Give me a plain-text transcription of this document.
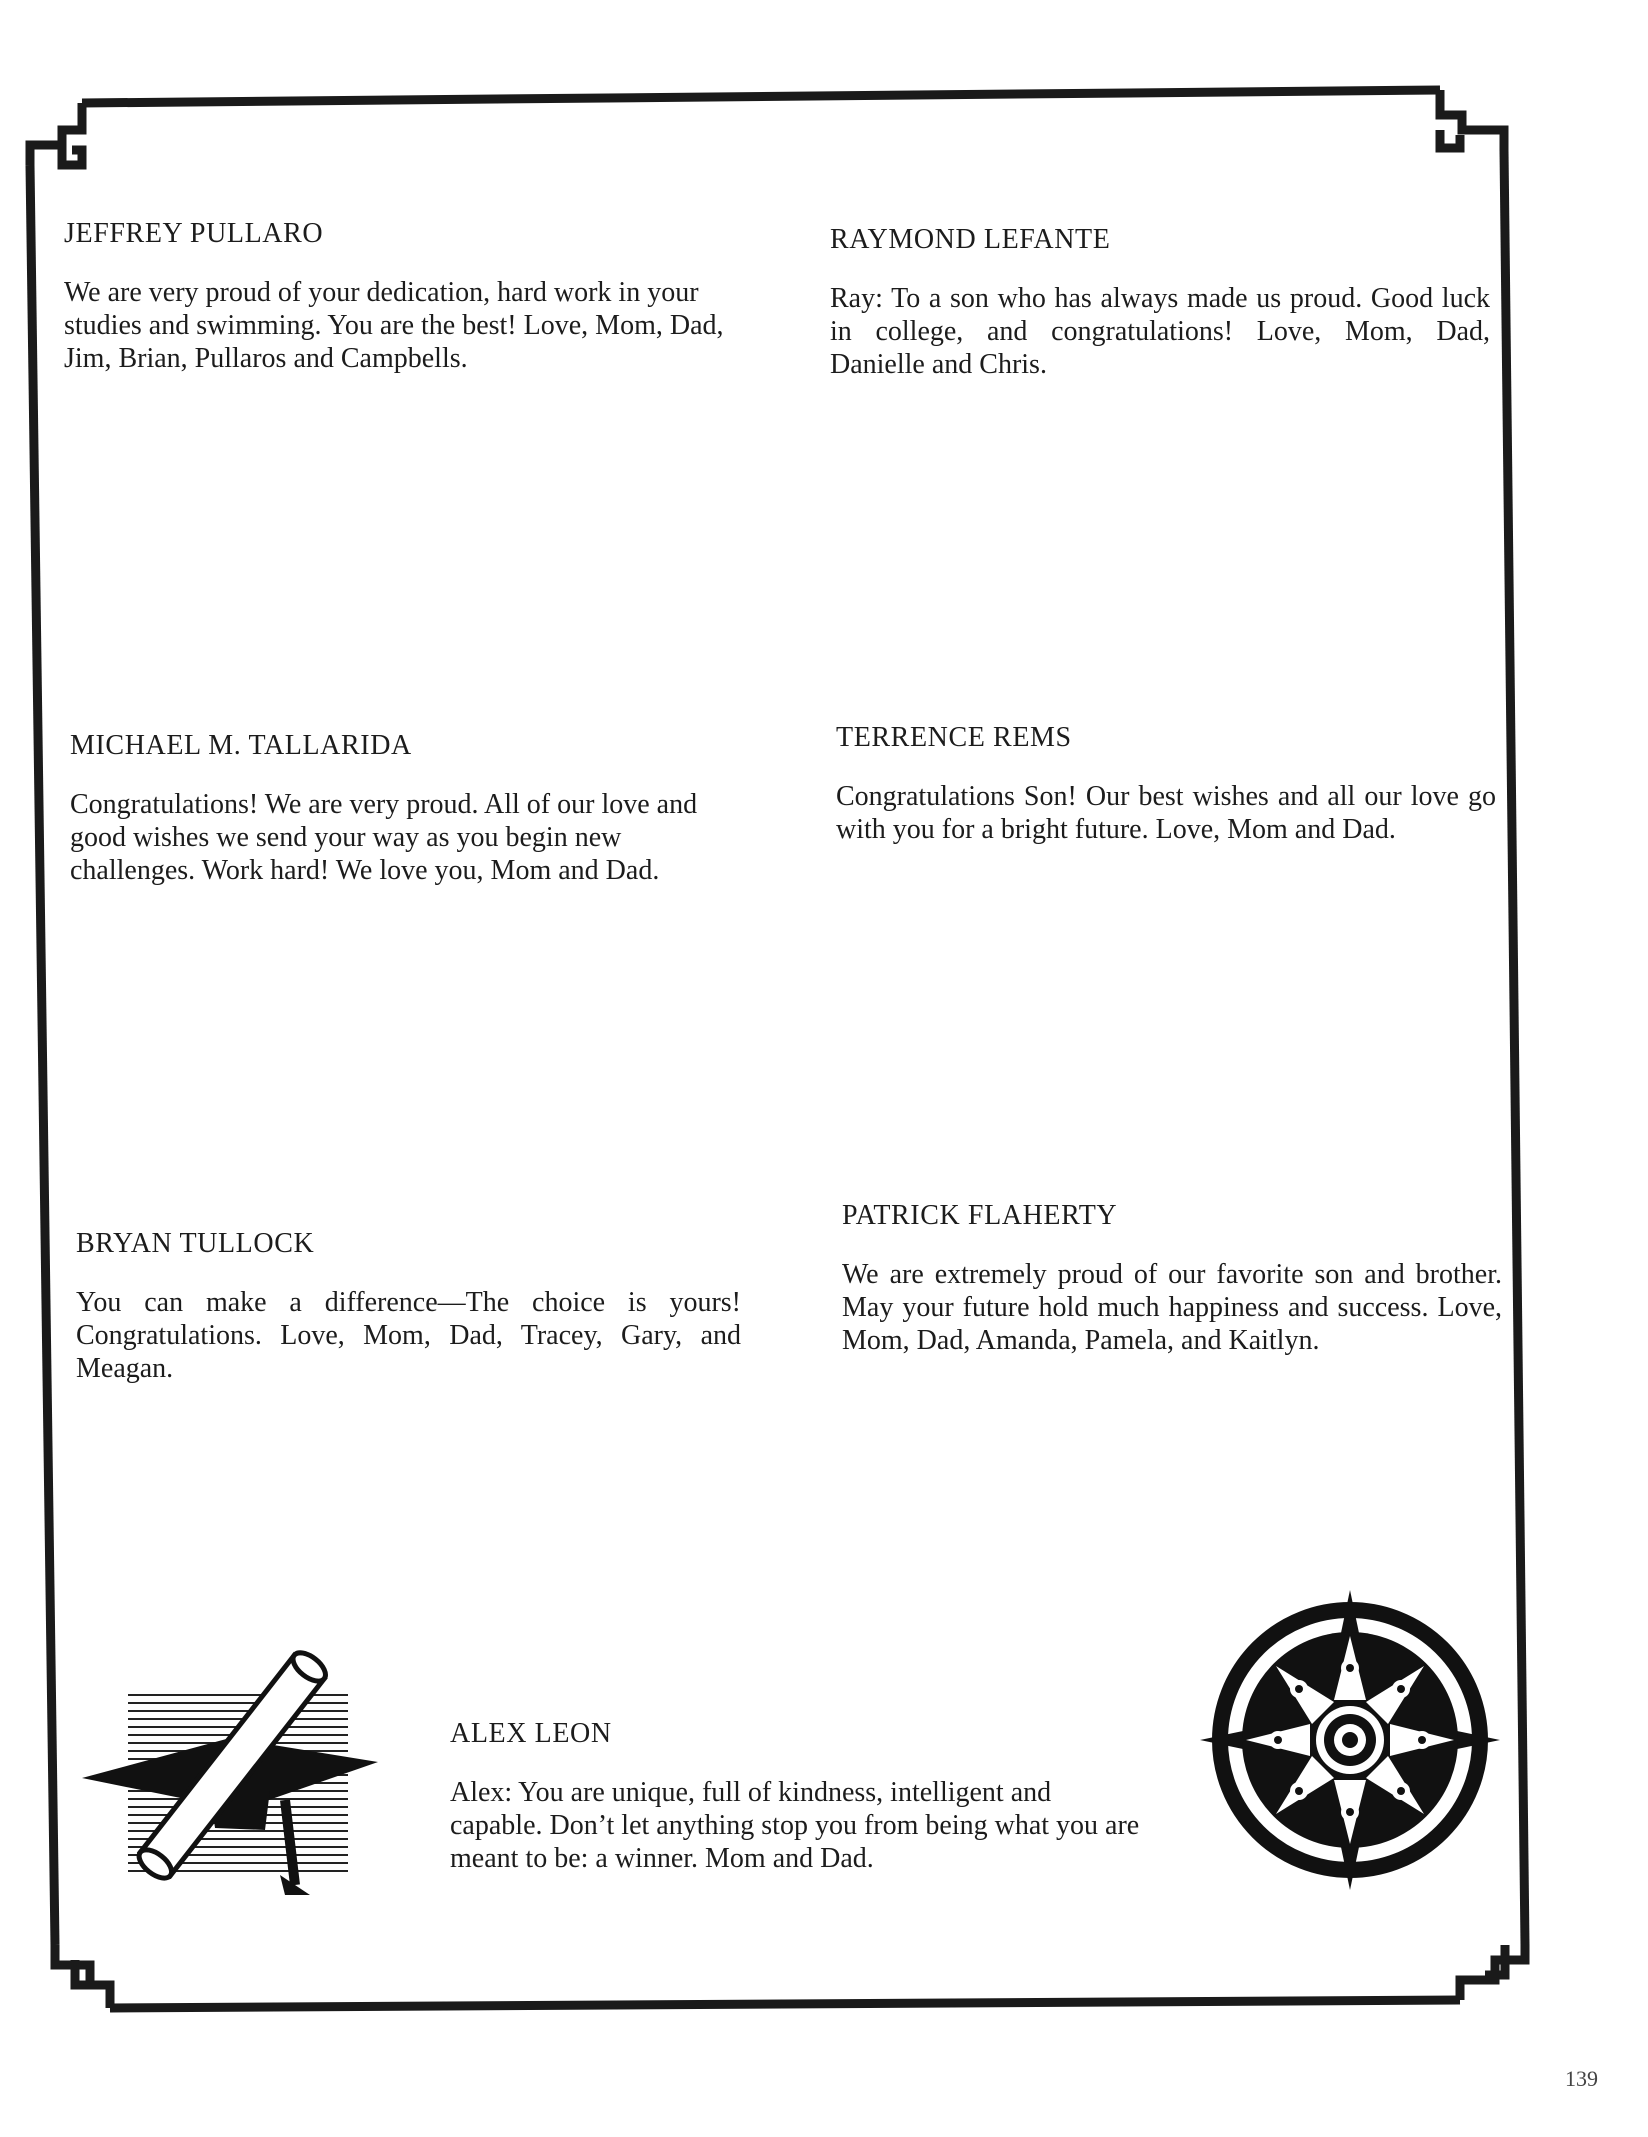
JEFFREY PULLARO

We are very proud of your dedication, hard work in your studies and swimming. You are the best! Love, Mom, Dad, Jim, Brian, Pullaros and Campbells.

RAYMOND LEFANTE

Ray: To a son who has always made us proud. Good luck in college, and congratulations! Love, Mom, Dad, Danielle and Chris.

MICHAEL M. TALLARIDA

Congratulations! We are very proud. All of our love and good wishes we send your way as you begin new challenges. Work hard! We love you, Mom and Dad.

TERRENCE REMS

Congratulations Son! Our best wishes and all our love go with you for a bright future. Love, Mom and Dad.

BRYAN TULLOCK

You can make a difference—The choice is yours! Congratulations. Love, Mom, Dad, Tracey, Gary, and Meagan.

PATRICK FLAHERTY

We are extremely proud of our favorite son and brother. May your future hold much happiness and success. Love, Mom, Dad, Amanda, Pamela, and Kaitlyn.

ALEX LEON

Alex: You are unique, full of kindness, intelligent and capable. Don’t let anything stop you from being what you are meant to be: a winner. Mom and Dad.

139
